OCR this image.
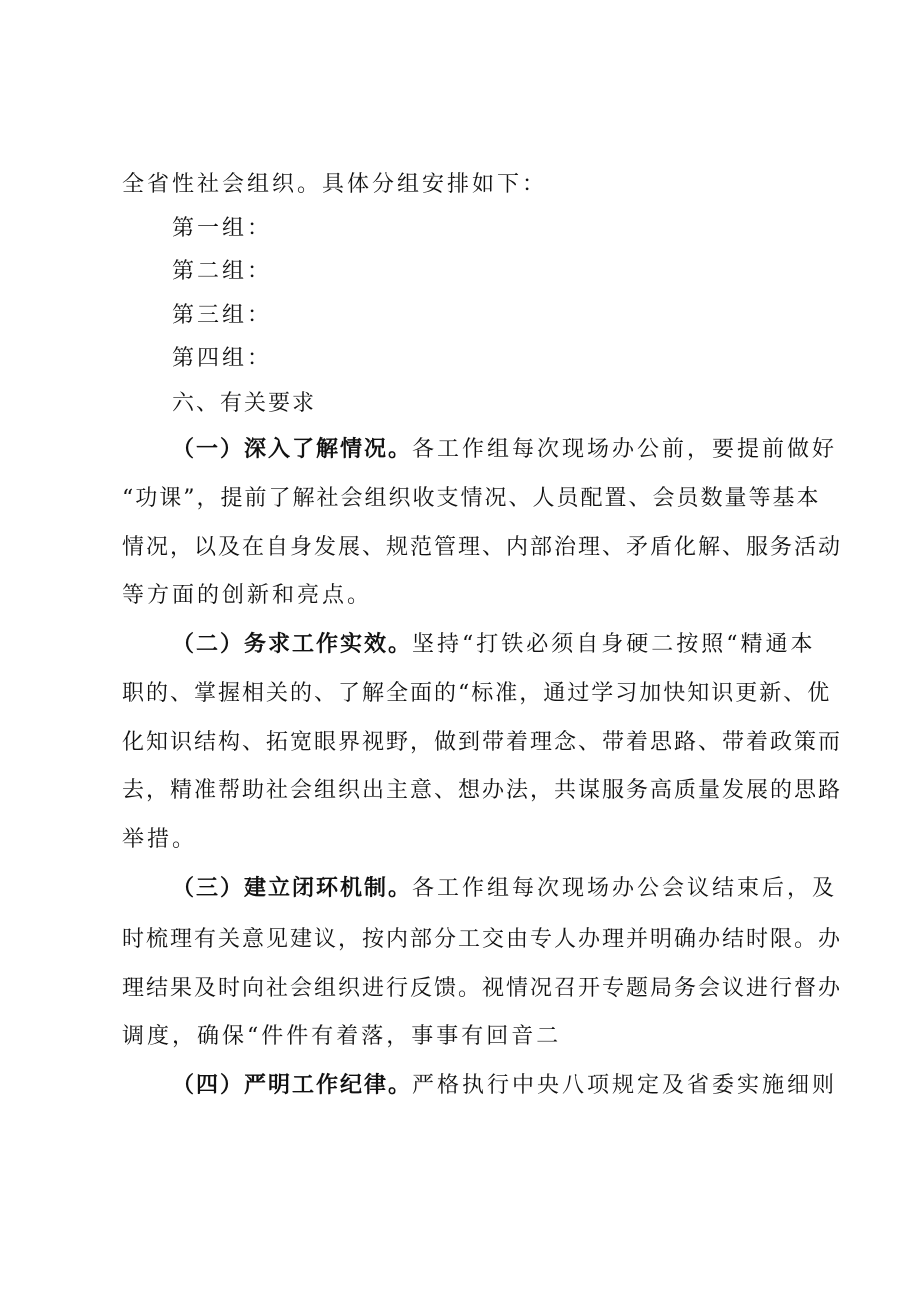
全省性社会组织。具体分组安排如下：
第一组：
第二组：
第三组：
第四组：
六、有关要求
（一）深入了解情况。各工作组每次现场办公前，要提前做好
“功课”，提前了解社会组织收支情况、人员配置、会员数量等基本
情况，以及在自身发展、规范管理、内部治理、矛盾化解、服务活动
等方面的创新和亮点。
（二）务求工作实效。坚持“打铁必须自身硬二按照“精通本
职的、掌握相关的、了解全面的“标准，通过学习加快知识更新、优
化知识结构、拓宽眼界视野，做到带着理念、带着思路、带着政策而
去，精准帮助社会组织出主意、想办法，共谋服务高质量发展的思路
举措。
（三）建立闭环机制。各工作组每次现场办公会议结束后，及
时梳理有关意见建议，按内部分工交由专人办理并明确办结时限。办
理结果及时向社会组织进行反馈。视情况召开专题局务会议进行督办
调度，确保“件件有着落，事事有回音二
（四）严明工作纪律。严格执行中央八项规定及省委实施细则
